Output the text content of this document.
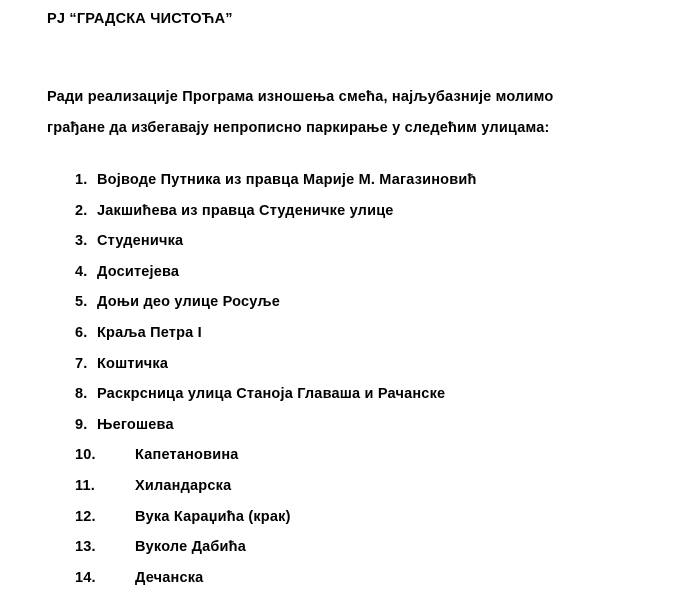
РЈ “ГРАДСКА ЧИСТОЋА”
Ради реализације Програма изношења смећа, најљубазније молимо
грађане да избегавају непрописно паркирање у следећим улицама:
1. Војводе Путника из правца Марије М. Магазиновић
2. Јакшићева из правца Студеничке улице
3. Студеничка
4. Доситејева
5. Доњи део улице Росуље
6. Краља Петра I
7. Коштичка
8. Раскрсница улица Станоја Главаша и Рачанске
9. Његошева
10.	Капетановина
11.	Хиландарска
12.	Вука Караџића (крак)
13.	Вуколе Дабића
14.	Дечанска
